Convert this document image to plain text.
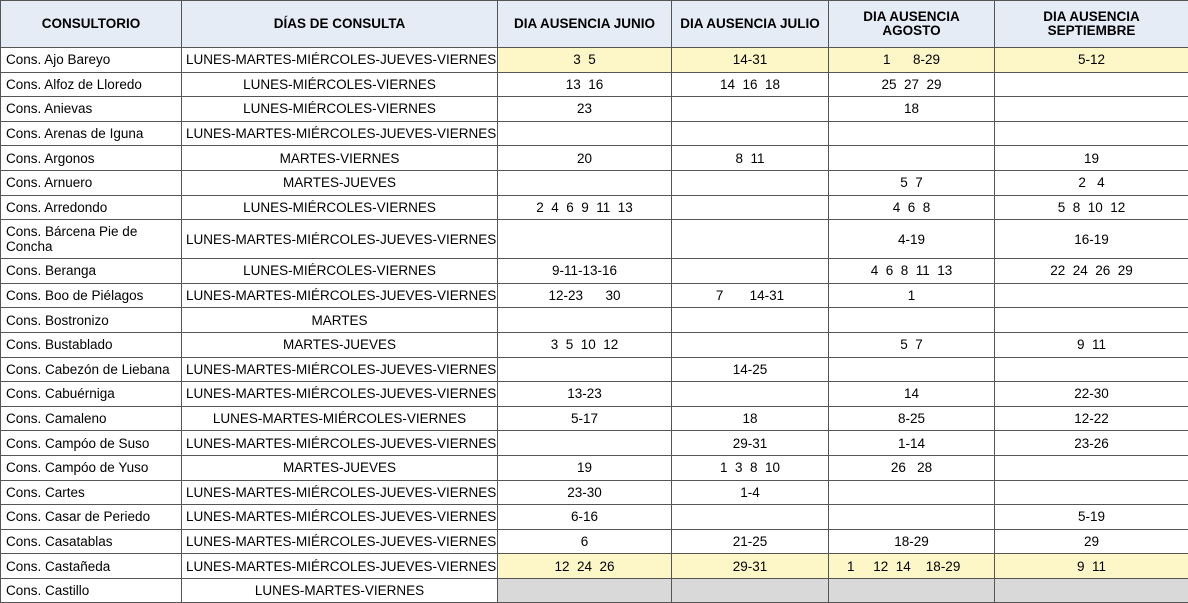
CONSULTORIO	DÍAS DE CONSULTA	DIA AUSENCIA JUNIO	DIA AUSENCIA JULIO	DIA AUSENCIA AGOSTO	DIA AUSENCIA SEPTIEMBRE
Cons. Ajo Bareyo	LUNES-MARTES-MIÉRCOLES-JUEVES-VIERNES	3  5	14-31	1      8-29	5-12
Cons. Alfoz de Lloredo	LUNES-MIÉRCOLES-VIERNES	13  16	14  16  18	25  27  29	
Cons. Anievas	LUNES-MIÉRCOLES-VIERNES	23		18	
Cons. Arenas de Iguna	LUNES-MARTES-MIÉRCOLES-JUEVES-VIERNES				
Cons. Argonos	MARTES-VIERNES	20	8  11		19
Cons. Arnuero	MARTES-JUEVES			5  7	2   4
Cons. Arredondo	LUNES-MIÉRCOLES-VIERNES	2  4  6  9  11  13		4  6  8	5  8  10  12
Cons. Bárcena Pie de Concha	LUNES-MARTES-MIÉRCOLES-JUEVES-VIERNES			4-19	16-19
Cons. Beranga	LUNES-MIÉRCOLES-VIERNES	9-11-13-16		4  6  8  11  13	22  24  26  29
Cons. Boo de Piélagos	LUNES-MARTES-MIÉRCOLES-JUEVES-VIERNES	12-23      30	7       14-31	1	
Cons. Bostronizo	MARTES				
Cons. Bustablado	MARTES-JUEVES	3  5  10  12		5  7	9  11
Cons. Cabezón de Liebana	LUNES-MARTES-MIÉRCOLES-JUEVES-VIERNES		14-25		
Cons. Cabuérniga	LUNES-MARTES-MIÉRCOLES-JUEVES-VIERNES	13-23		14	22-30
Cons. Camaleno	LUNES-MARTES-MIÉRCOLES-VIERNES	5-17	18	8-25	12-22
Cons. Campóo de Suso	LUNES-MARTES-MIÉRCOLES-JUEVES-VIERNES		29-31	1-14	23-26
Cons. Campóo de Yuso	MARTES-JUEVES	19	1  3  8  10	26   28	
Cons. Cartes	LUNES-MARTES-MIÉRCOLES-JUEVES-VIERNES	23-30	1-4		
Cons. Casar de Periedo	LUNES-MARTES-MIÉRCOLES-JUEVES-VIERNES	6-16			5-19
Cons. Casatablas	LUNES-MARTES-MIÉRCOLES-JUEVES-VIERNES	6	21-25	18-29	29
Cons. Castañeda	LUNES-MARTES-MIÉRCOLES-JUEVES-VIERNES	12  24  26	29-31	1     12  14    18-29	9  11
Cons. Castillo	LUNES-MARTES-VIERNES				
